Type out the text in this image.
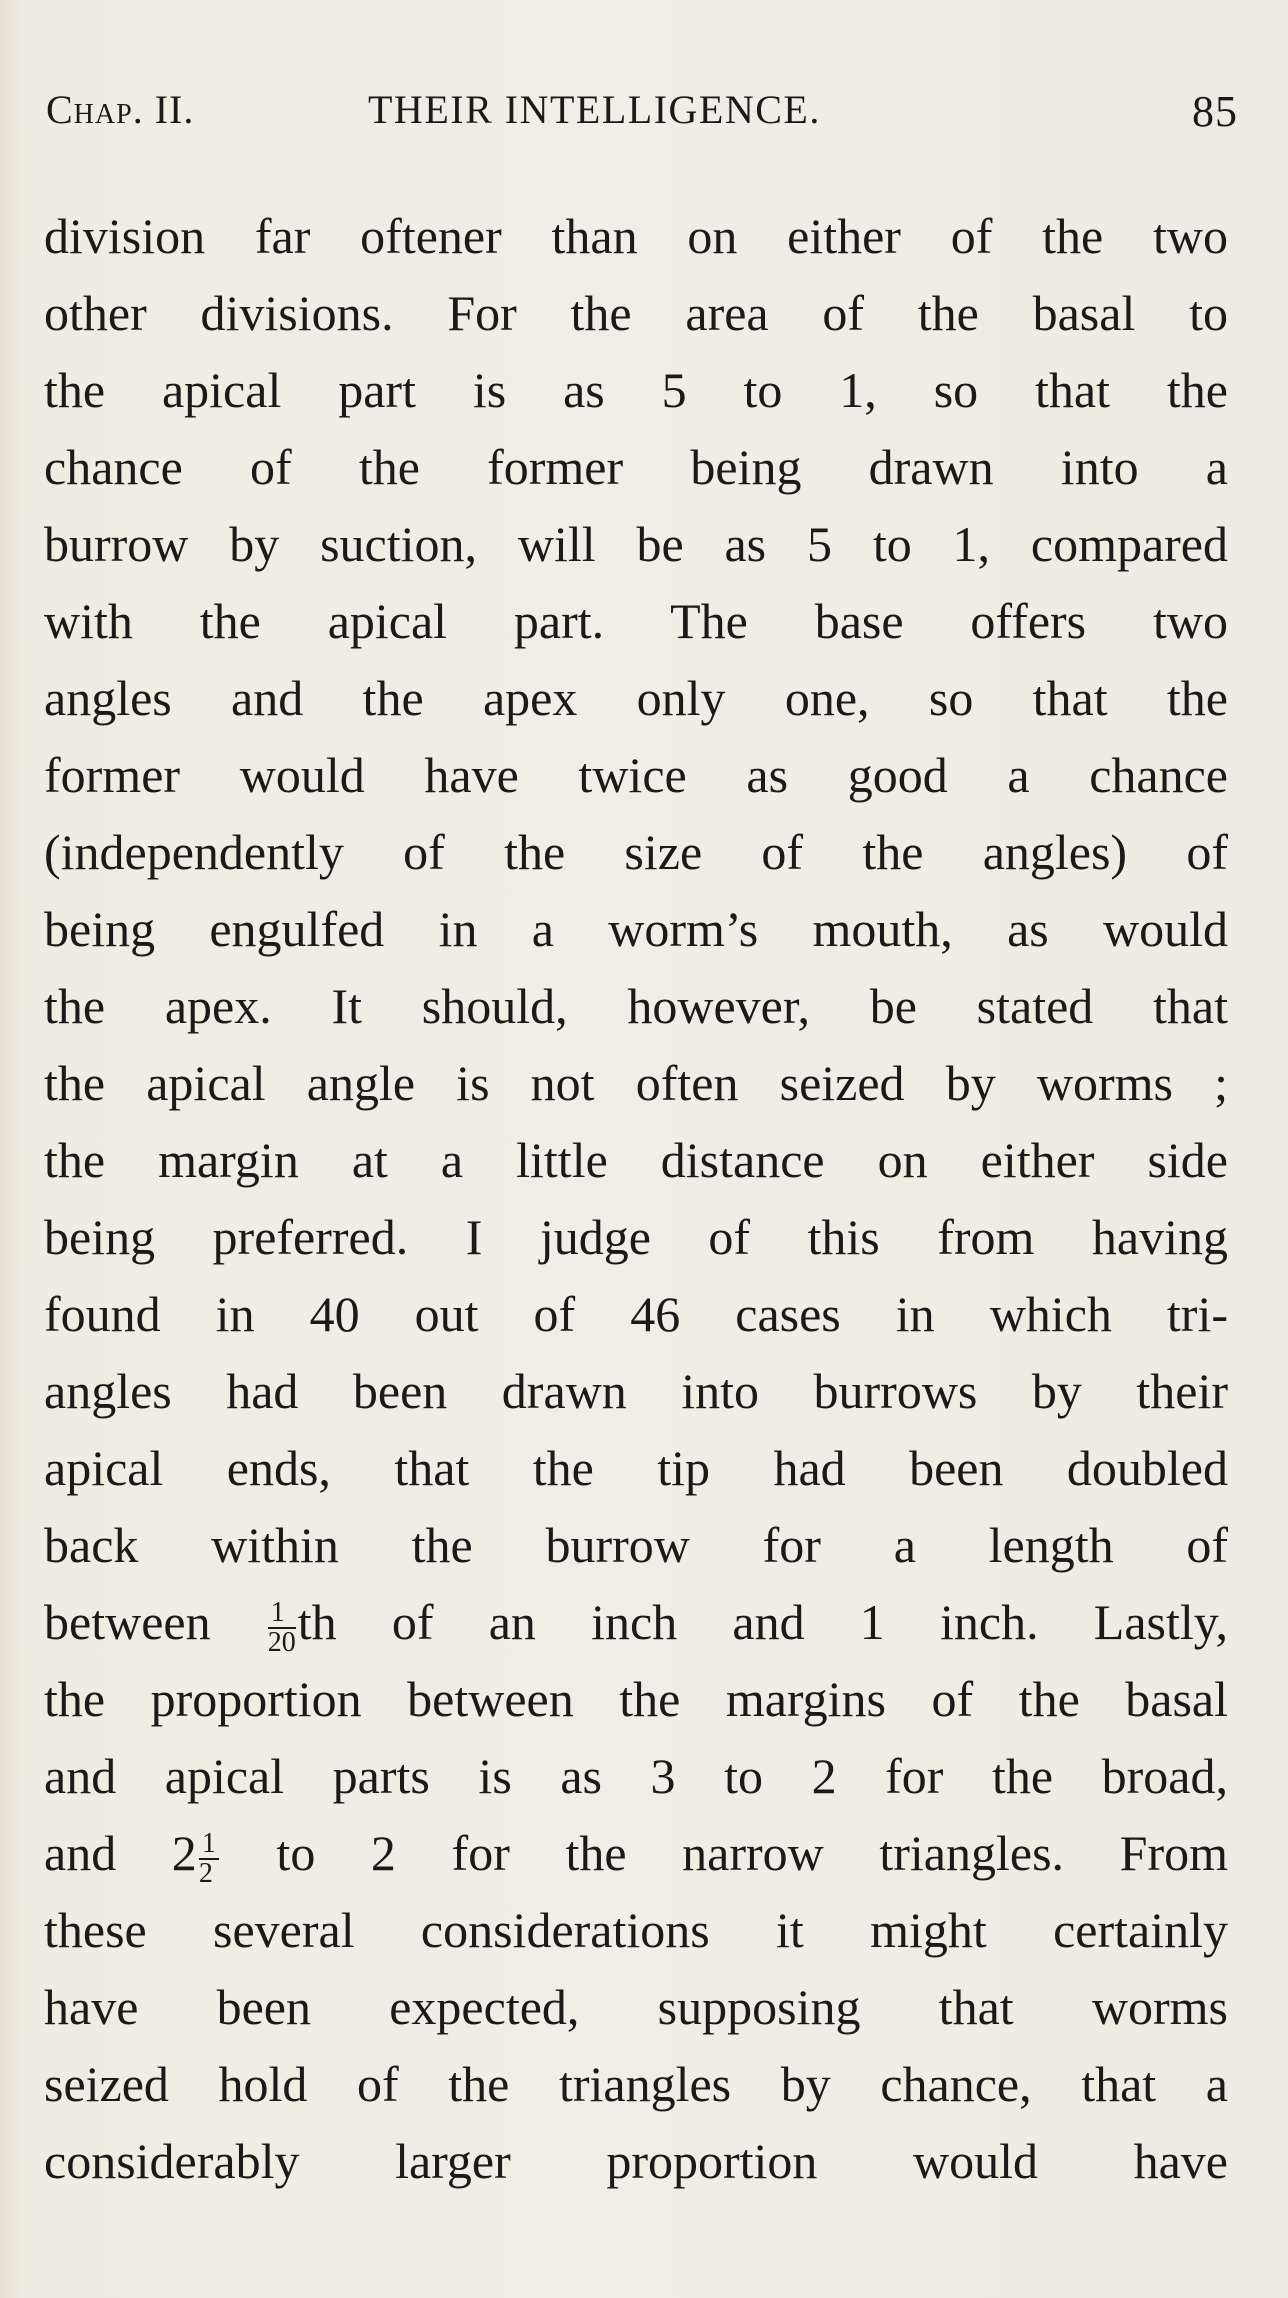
Chap. II.	THEIR INTELLIGENCE.	85
division far oftener than on either of the two
other divisions. For the area of the basal to
the apical part is as 5 to 1, so that the
chance of the former being drawn into a
burrow by suction, will be as 5 to 1, compared
with the apical part. The base offers two
angles and the apex only one, so that the
former would have twice as good a chance
(independently of the size of the angles) of
being engulfed in a worm’s mouth, as would
the apex. It should, however, be stated that
the apical angle is not often seized by worms ;
the margin at a little distance on either side
being preferred. I judge of this from having
found in 40 out of 46 cases in which tri-
angles had been drawn into burrows by their
apical ends, that the tip had been doubled
back within the burrow for a length of
between $\frac{1}{20}$ th of an inch and 1 inch. Lastly,
the proportion between the margins of the basal
and apical parts is as 3 to 2 for the broad,
and $2 \frac{1}{2}$ to 2 for the narrow triangles. From
these several considerations it might certainly
have been expected, supposing that worms
seized hold of the triangles by chance, that a
considerably larger proportion would have
